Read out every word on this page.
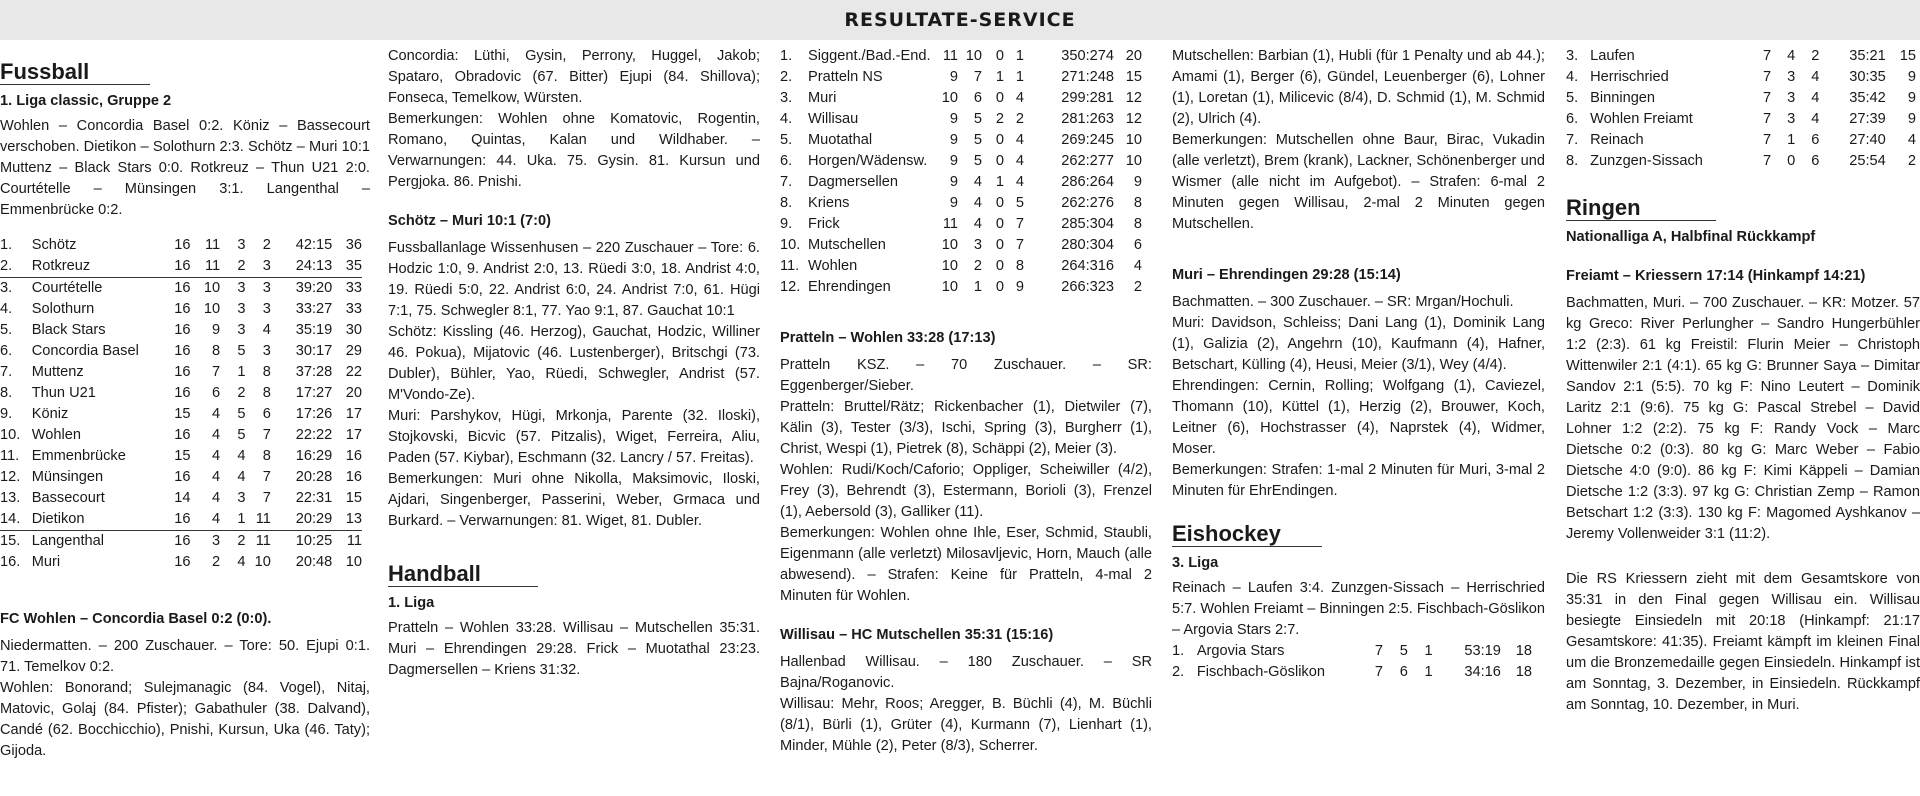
RESULTATE-SERVICE
Fussball
1. Liga classic, Gruppe 2

Wohlen – Concordia Basel 0:2. Köniz – Bassecourt verschoben. Dietikon – Solothurn 2:3. Schötz – Muri 10:1 Muttenz – Black Stars 0:0. Rotkreuz – Thun U21 2:0. Courtételle – Münsingen 3:1. Langenthal – Emmenbrücke 0:2.

1.	Schötz	16	11	3	2	42:15	36
2.	Rotkreuz	16	11	2	3	24:13	35
3.	Courtételle	16	10	3	3	39:20	33
4.	Solothurn	16	10	3	3	33:27	33
5.	Black Stars	16	9	3	4	35:19	30
6.	Concordia Basel	16	8	5	3	30:17	29
7.	Muttenz	16	7	1	8	37:28	22
8.	Thun U21	16	6	2	8	17:27	20
9.	Köniz	15	4	5	6	17:26	17
10.	Wohlen	16	4	5	7	22:22	17
11.	Emmenbrücke	15	4	4	8	16:29	16
12.	Münsingen	16	4	4	7	20:28	16
13.	Bassecourt	14	4	3	7	22:31	15
14.	Dietikon	16	4	1	11	20:29	13
15.	Langenthal	16	3	2	11	10:25	11
16.	Muri	16	2	4	10	20:48	10
FC Wohlen – Concordia Basel 0:2 (0:0).

Niedermatten. – 200 Zuschauer. – Tore: 50. Ejupi 0:1. 71. Temelkov 0:2.

Wohlen: Bonorand; Sulejmanagic (84. Vogel), Nitaj, Matovic, Golaj (84. Pfister); Gabathuler (38. Dalvand), Candé (62. Bocchicchio), Pnishi, Kursun, Uka (46. Taty); Gijoda.

Concordia: Lüthi, Gysin, Perrony, Huggel, Jakob; Spataro, Obradovic (67. Bitter) Ejupi (84. Shillova); Fonseca, Temelkow, Würsten.

Bemerkungen: Wohlen ohne Komatovic, Rogentin, Romano, Quintas, Kalan und Wildhaber. – Verwarnungen: 44. Uka. 75. Gysin. 81. Kursun und Pergjoka. 86. Pnishi.

Schötz – Muri 10:1 (7:0)

Fussballanlage Wissenhusen – 220 Zuschauer – Tore: 6. Hodzic 1:0, 9. Andrist 2:0, 13. Rüedi 3:0, 18. Andrist 4:0, 19. Rüedi 5:0, 22. Andrist 6:0, 24. Andrist 7:0, 61. Hügi 7:1, 75. Schwegler 8:1, 77. Yao 9:1, 87. Gauchat 10:1

Schötz: Kissling (46. Herzog), Gauchat, Hodzic, Williner 46. Pokua), Mijatovic (46. Lustenberger), Britschgi (73. Dubler), Bühler, Yao, Rüedi, Schwegler, Andrist (57. M'Vondo-Ze).

Muri: Parshykov, Hügi, Mrkonja, Parente (32. Iloski), Stojkovski, Bicvic (57. Pitzalis), Wiget, Ferreira, Aliu, Paden (57. Kiybar), Eschmann (32. Lancry / 57. Freitas).

Bemerkungen: Muri ohne Nikolla, Maksimovic, Iloski, Ajdari, Singenberger, Passerini, Weber, Grmaca und Burkard. – Verwarnungen: 81. Wiget, 81. Dubler.

Handball
1. Liga

Pratteln – Wohlen 33:28. Willisau – Mutschellen 35:31. Muri – Ehrendingen 29:28. Frick – Muotathal 23:23. Dagmersellen – Kriens 31:32.

1.	Siggent./Bad.-End.	11	10	0	1	350:274	20
2.	Pratteln NS	9	7	1	1	271:248	15
3.	Muri	10	6	0	4	299:281	12
4.	Willisau	9	5	2	2	281:263	12
5.	Muotathal	9	5	0	4	269:245	10
6.	Horgen/Wädensw.	9	5	0	4	262:277	10
7.	Dagmersellen	9	4	1	4	286:264	9
8.	Kriens	9	4	0	5	262:276	8
9.	Frick	11	4	0	7	285:304	8
10.	Mutschellen	10	3	0	7	280:304	6
11.	Wohlen	10	2	0	8	264:316	4
12.	Ehrendingen	10	1	0	9	266:323	2
Pratteln – Wohlen 33:28 (17:13)

Pratteln KSZ. – 70 Zuschauer. – SR: Eggenberger/Sieber.

Pratteln: Bruttel/Rätz; Rickenbacher (1), Dietwiler (7), Kälin (3), Tester (3/3), Ischi, Spring (3), Burgherr (1), Christ, Wespi (1), Pietrek (8), Schäppi (2), Meier (3).

Wohlen: Rudi/Koch/Caforio; Oppliger, Scheiwiller (4/2), Frey (3), Behrendt (3), Estermann, Borioli (3), Frenzel (1), Aebersold (3), Galliker (11).

Bemerkungen: Wohlen ohne Ihle, Eser, Schmid, Staubli, Eigenmann (alle verletzt) Milosavljevic, Horn, Mauch (alle abwesend). – Strafen: Keine für Pratteln, 4-mal 2 Minuten für Wohlen.

Willisau – HC Mutschellen 35:31 (15:16)

Hallenbad Willisau. – 180 Zuschauer. – SR Bajna/Roganovic.

Willisau: Mehr, Roos; Aregger, B. Büchli (4), M. Büchli (8/1), Bürli (1), Grüter (4), Kurmann (7), Lienhart (1), Minder, Mühle (2), Peter (8/3), Scherrer.

Mutschellen: Barbian (1), Hubli (für 1 Penalty und ab 44.); Amami (1), Berger (6), Gündel, Leuenberger (6), Lohner (1), Loretan (1), Milicevic (8/4), D. Schmid (1), M. Schmid (2), Ulrich (4).

Bemerkungen: Mutschellen ohne Baur, Birac, Vukadin (alle verletzt), Brem (krank), Lackner, Schönenberger und Wismer (alle nicht im Aufgebot). – Strafen: 6-mal 2 Minuten gegen Willisau, 2-mal 2 Minuten gegen Mutschellen.

Muri – Ehrendingen 29:28 (15:14)

Bachmatten. – 300 Zuschauer. – SR: Mrgan/Hochuli.

Muri: Davidson, Schleiss; Dani Lang (1), Dominik Lang (1), Galizia (2), Angehrn (10), Kaufmann (4), Hafner, Betschart, Külling (4), Heusi, Meier (3/1), Wey (4/4).

Ehrendingen: Cernin, Rolling; Wolfgang (1), Caviezel, Thomann (10), Küttel (1), Herzig (2), Brouwer, Koch, Leitner (6), Hochstrasser (4), Naprstek (4), Widmer, Moser.

Bemerkungen: Strafen: 1-mal 2 Minuten für Muri, 3-mal 2 Minuten für EhrEndingen.

Eishockey
3. Liga

Reinach – Laufen 3:4. Zunzgen-Sissach – Herrischried 5:7. Wohlen Freiamt – Binningen 2:5. Fischbach-Göslikon – Argovia Stars 2:7.

1.	Argovia Stars	7	5	1	53:19	18
2.	Fischbach-Göslikon	7	6	1	34:16	18
3.	Laufen	7	4	2	35:21	15
4.	Herrischried	7	3	4	30:35	9
5.	Binningen	7	3	4	35:42	9
6.	Wohlen Freiamt	7	3	4	27:39	9
7.	Reinach	7	1	6	27:40	4
8.	Zunzgen-Sissach	7	0	6	25:54	2
Ringen
Nationalliga A, Halbfinal Rückkampf
Freiamt – Kriessern 17:14 (Hinkampf 14:21)

Bachmatten, Muri. – 700 Zuschauer. – KR: Motzer. 57 kg Greco: River Perlungher – Sandro Hungerbühler 1:2 (2:3). 61 kg Freistil: Flurin Meier – Christoph Wittenwiler 2:1 (4:1). 65 kg G: Brunner Saya – Dimitar Sandov 2:1 (5:5). 70 kg F: Nino Leutert – Dominik Laritz 2:1 (9:6). 75 kg G: Pascal Strebel – David Lohner 1:2 (2:2). 75 kg F: Randy Vock – Marc Dietsche 0:2 (0:3). 80 kg G: Marc Weber – Fabio Dietsche 4:0 (9:0). 86 kg F: Kimi Käppeli – Damian Dietsche 1:2 (3:3). 97 kg G: Christian Zemp – Ramon Betschart 1:2 (3:3). 130 kg F: Magomed Ayshkanov – Jeremy Vollenweider 3:1 (11:2).

Die RS Kriessern zieht mit dem Gesamtskore von 35:31 in den Final gegen Willisau ein. Willisau besiegte Einsiedeln mit 20:18 (Hinkampf: 21:17 Gesamtskore: 41:35). Freiamt kämpft im kleinen Final um die Bronzemedaille gegen Einsiedeln. Hinkampf ist am Sonntag, 3. Dezember, in Einsiedeln. Rückkampf am Sonntag, 10. Dezember, in Muri.
